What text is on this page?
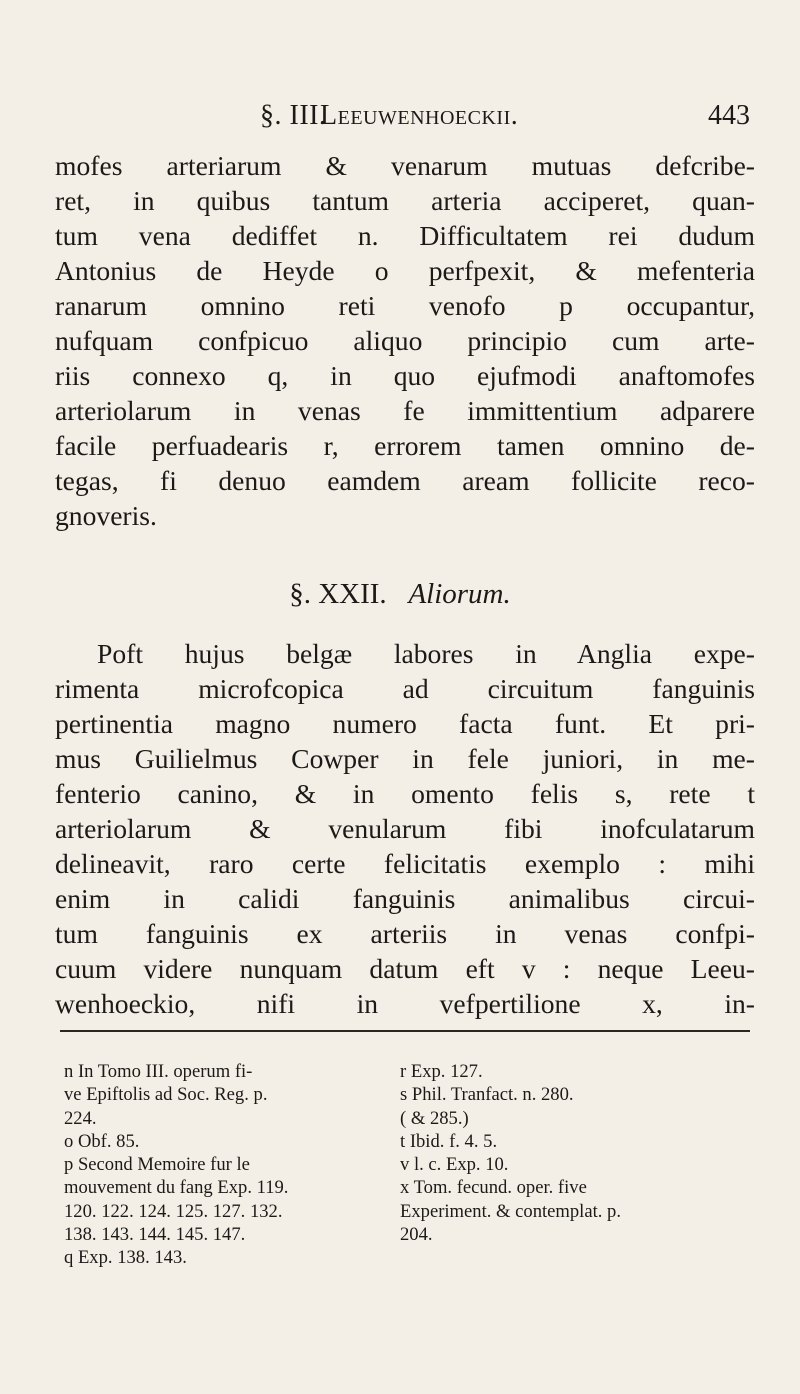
§. III.
Leeuwenhoeckii.	443
mofes arteriarum & venarum mutuas defcribe-
ret, in quibus tantum arteria acciperet, quan-
tum vena dediffet n. Difficultatem rei dudum
Antonius de Heyde o perfpexit, & mefenteria
ranarum omnino reti venofo p occupantur,
nufquam confpicuo aliquo principio cum arte-
riis connexo q, in quo ejufmodi anaftomofes
arteriolarum in venas fe immittentium adparere
facile perfuadearis r, errorem tamen omnino de-
tegas, fi denuo eamdem aream follicite reco-
gnoveris.
§. XXII. Aliorum.
Poft hujus belgæ labores in Anglia expe-
rimenta microfcopica ad circuitum fanguinis
pertinentia magno numero facta funt. Et pri-
mus Guilielmus Cowper in fele juniori, in me-
fenterio canino, & in omento felis s, rete t
arteriolarum & venularum fibi inofculatarum
delineavit, raro certe felicitatis exemplo : mihi
enim in calidi fanguinis animalibus circui-
tum fanguinis ex arteriis in venas confpi-
cuum videre nunquam datum eft v : neque Leeu-
wenhoeckio, nifi in vefpertilione x, in-
n In Tomo III. operum fi-
ve Epiftolis ad Soc. Reg. p.
224.
o Obf. 85.
p Second Memoire fur le
mouvement du fang Exp. 119.
120. 122. 124. 125. 127. 132.
138. 143. 144. 145. 147.
q Exp. 138. 143.
r Exp. 127.
s Phil. Tranfact. n. 280.
( & 285.)
t Ibid. f. 4. 5.
v l. c. Exp. 10.
x Tom. fecund. oper. five
Experiment. & contemplat. p.
204.
